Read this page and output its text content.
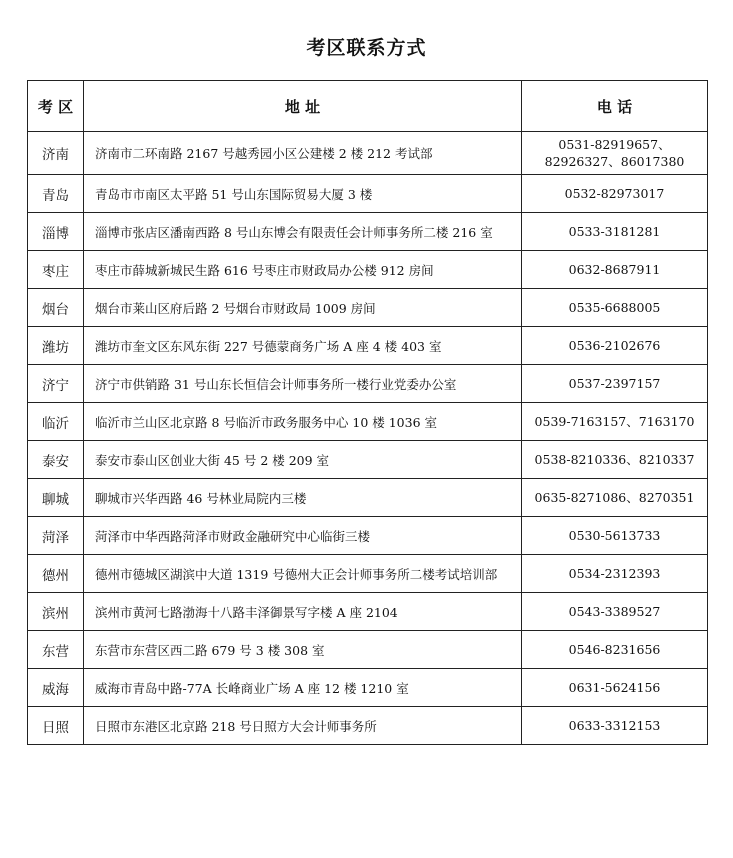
考区联系方式
考 区	地 址	电 话
济南	济南市二环南路 2167 号越秀园小区公建楼 2 楼 212 考试部	0531-82919657、82926327、86017380
青岛	青岛市市南区太平路 51 号山东国际贸易大厦 3 楼	0532-82973017
淄博	淄博市张店区潘南西路 8 号山东博会有限责任会计师事务所二楼 216 室	0533-3181281
枣庄	枣庄市薛城新城民生路 616 号枣庄市财政局办公楼 912 房间	0632-8687911
烟台	烟台市莱山区府后路 2 号烟台市财政局 1009 房间	0535-6688005
潍坊	潍坊市奎文区东风东街 227 号德蒙商务广场 A 座 4 楼 403 室	0536-2102676
济宁	济宁市供销路 31 号山东长恒信会计师事务所一楼行业党委办公室	0537-2397157
临沂	临沂市兰山区北京路 8 号临沂市政务服务中心 10 楼 1036 室	0539-7163157、7163170
泰安	泰安市泰山区创业大街 45 号 2 楼 209 室	0538-8210336、8210337
聊城	聊城市兴华西路 46 号林业局院内三楼	0635-8271086、8270351
菏泽	菏泽市中华西路菏泽市财政金融研究中心临街三楼	0530-5613733
德州	德州市德城区湖滨中大道 1319 号德州大正会计师事务所二楼考试培训部	0534-2312393
滨州	滨州市黄河七路渤海十八路丰泽御景写字楼 A 座 2104	0543-3389527
东营	东营市东营区西二路 679 号 3 楼 308 室	0546-8231656
威海	威海市青岛中路-77A 长峰商业广场 A 座 12 楼 1210 室	0631-5624156
日照	日照市东港区北京路 218 号日照方大会计师事务所	0633-3312153
